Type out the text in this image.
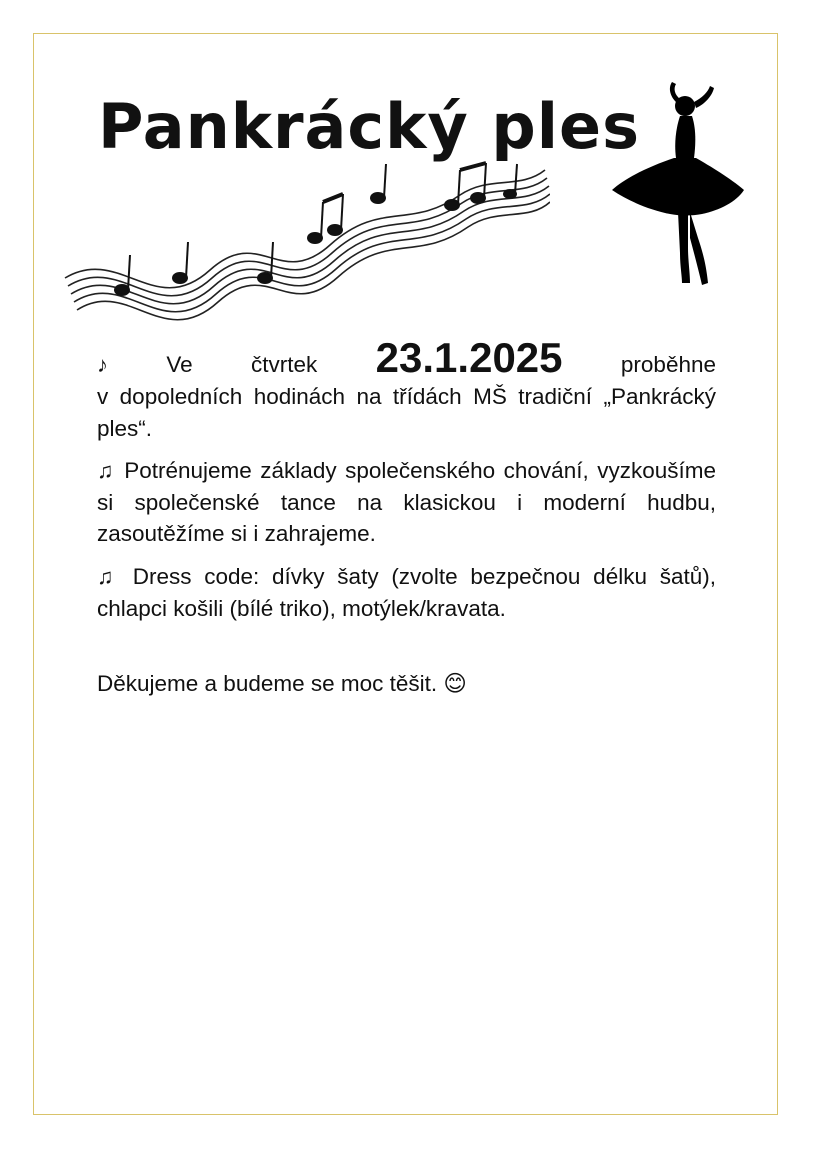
Pankrácký ples

♪	Ve	čtvrtek 23.1.2025	proběhne
v dopoledních hodinách na třídách MŠ tradiční „Pankrácký ples“.

♫ Potrénujeme základy společenského chování, vyzkoušíme si společenské tance na klasickou i moderní hudbu, zasoutěžíme si i zahrajeme.

♫ Dress code: dívky šaty (zvolte bezpečnou délku šatů), chlapci košili (bílé triko), motýlek/kravata.

Děkujeme a budeme se moc těšit. 😊
